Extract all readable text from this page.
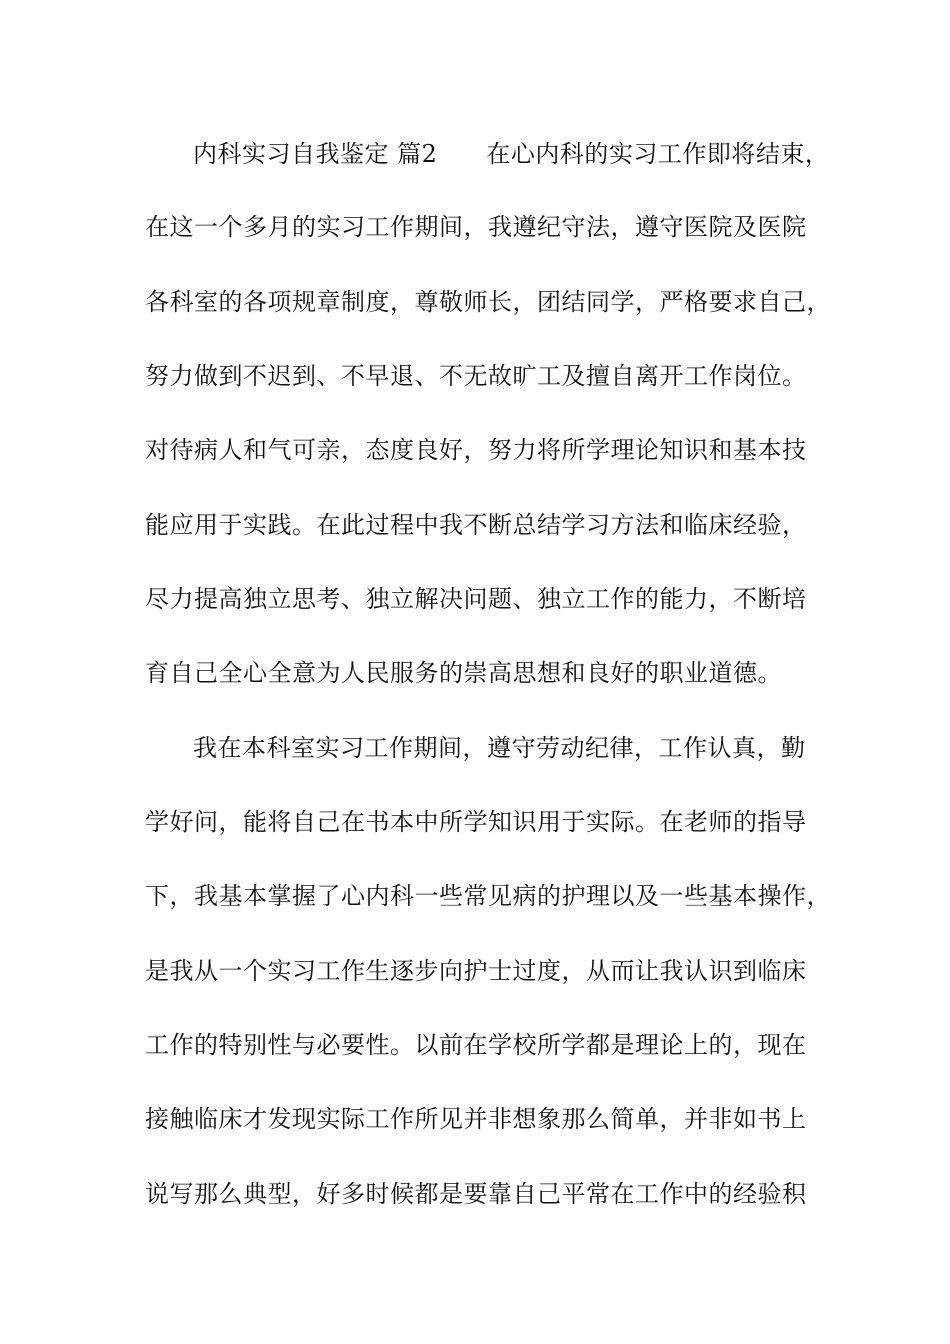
内科实习自我鉴定 篇2　　在心内科的实习工作即将结束，
在这一个多月的实习工作期间，我遵纪守法，遵守医院及医院
各科室的各项规章制度，尊敬师长，团结同学，严格要求自己，
努力做到不迟到、不早退、不无故旷工及擅自离开工作岗位。
对待病人和气可亲，态度良好，努力将所学理论知识和基本技
能应用于实践。在此过程中我不断总结学习方法和临床经验，
尽力提高独立思考、独立解决问题、独立工作的能力，不断培
育自己全心全意为人民服务的崇高思想和良好的职业道德。
我在本科室实习工作期间，遵守劳动纪律，工作认真，勤
学好问，能将自己在书本中所学知识用于实际。在老师的指导
下，我基本掌握了心内科一些常见病的护理以及一些基本操作，
是我从一个实习工作生逐步向护士过度，从而让我认识到临床
工作的特别性与必要性。以前在学校所学都是理论上的，现在
接触临床才发现实际工作所见并非想象那么简单，并非如书上
说写那么典型，好多时候都是要靠自己平常在工作中的经验积
